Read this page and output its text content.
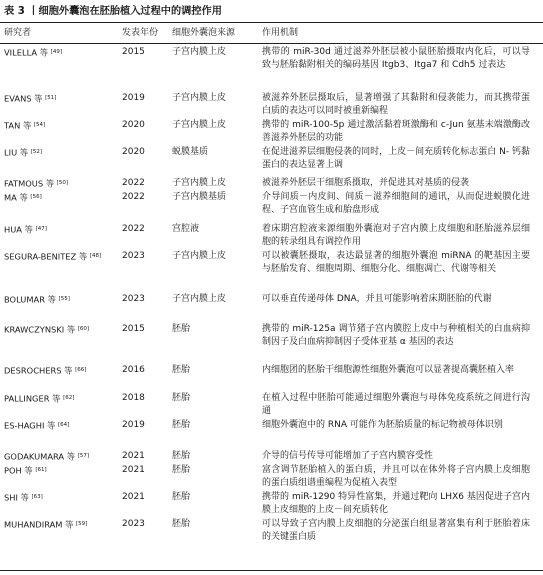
表 3 丨细胞外囊泡在胚胎植入过程中的调控作用
研究者	发表年份 细胞外囊泡来源	作用机制
VILELLA 等 [49]	2015	子宫内膜上皮	携带的 miR-30d 通过滋养外胚层被小鼠胚胎摄取内化后，可以导致与胚胎黏附相关的编码基因 Itgb3、Itga7 和 Cdh5 过表达
EVANS 等 [51]	2019	子宫内膜上皮	被滋养外胚层摄取后，显著增强了其黏附和侵袭能力，而其携带蛋白质的表达可以同时被重新编程
TAN 等 [54]	2020	子宫内膜上皮	携带的 miR-100-5p 通过激活黏着斑激酶和 c-Jun 氨基末端激酶改善滋养外胚层的功能
LIU 等 [52]	2020	蜕膜基质	在促进滋养层细胞侵袭的同时，上皮－间充质转化标志蛋白 N- 钙黏蛋白的表达显著上调
FATMOUS 等 [50]	2022	子宫内膜上皮	被滋养外胚层干细胞系摄取，并促进其对基质的侵袭
MA 等 [56]	2022	子宫内膜基质	介导间质－内皮间、间质－滋养细胞间的通讯，从而促进蜕膜化进程、子宫血管生成和胎盘形成
HUA 等 [47]	2022	宫腔液	着床期宫腔液来源细胞外囊泡对子宫内膜上皮细胞和胚胎滋养层细胞的转录组具有调控作用
SEGURA-BENITEZ 等 [48] 2023	子宫内膜上皮	可以被囊胚摄取，表达最显著的细胞外囊泡 miRNA 的靶基因主要与胚胎发育、细胞周期、细胞分化、细胞凋亡、代谢等相关
BOLUMAR 等 [55]	2023	子宫内膜上皮	可以垂直传递母体 DNA，并且可能影响着床期胚胎的代谢
KRAWCZYNSKI 等 [60]	2015	胚胎	携带的 miR-125a 调节猪子宫内膜腔上皮中与种植相关的白血病抑制因子及白血病抑制因子受体亚基 α 基因的表达
DESROCHERS 等 [66]	2016	胚胎	内细胞团的胚胎干细胞源性细胞外囊泡可以显著提高囊胚植入率
PALLINGER 等 [62]	2018	胚胎	在植入过程中胚胎可能通过细胞外囊泡与母体免疫系统之间进行沟通
ES-HAGHI 等 [64]	2019	胚胎	细胞外囊泡中的 RNA 可能作为胚胎质量的标记物被母体识别
GODAKUMARA 等 [57]	2021	胚胎	介导的信号传导可能增加了子宫内膜容受性
POH 等 [61]	2021	胚胎	富含调节胚胎植入的蛋白质，并且可以在体外将子宫内膜上皮细胞的蛋白质组谱重编程为促植入表型
SHI 等 [63]	2021	胚胎	携带的 miR-1290 特异性富集，并通过靶向 LHX6 基因促进子宫内膜上皮细胞的上皮－间充质转化
MUHANDIRAM 等 [59]	2023	胚胎	可以导致子宫内膜上皮细胞的分泌蛋白组显著富集有利于胚胎着床的关键蛋白质
